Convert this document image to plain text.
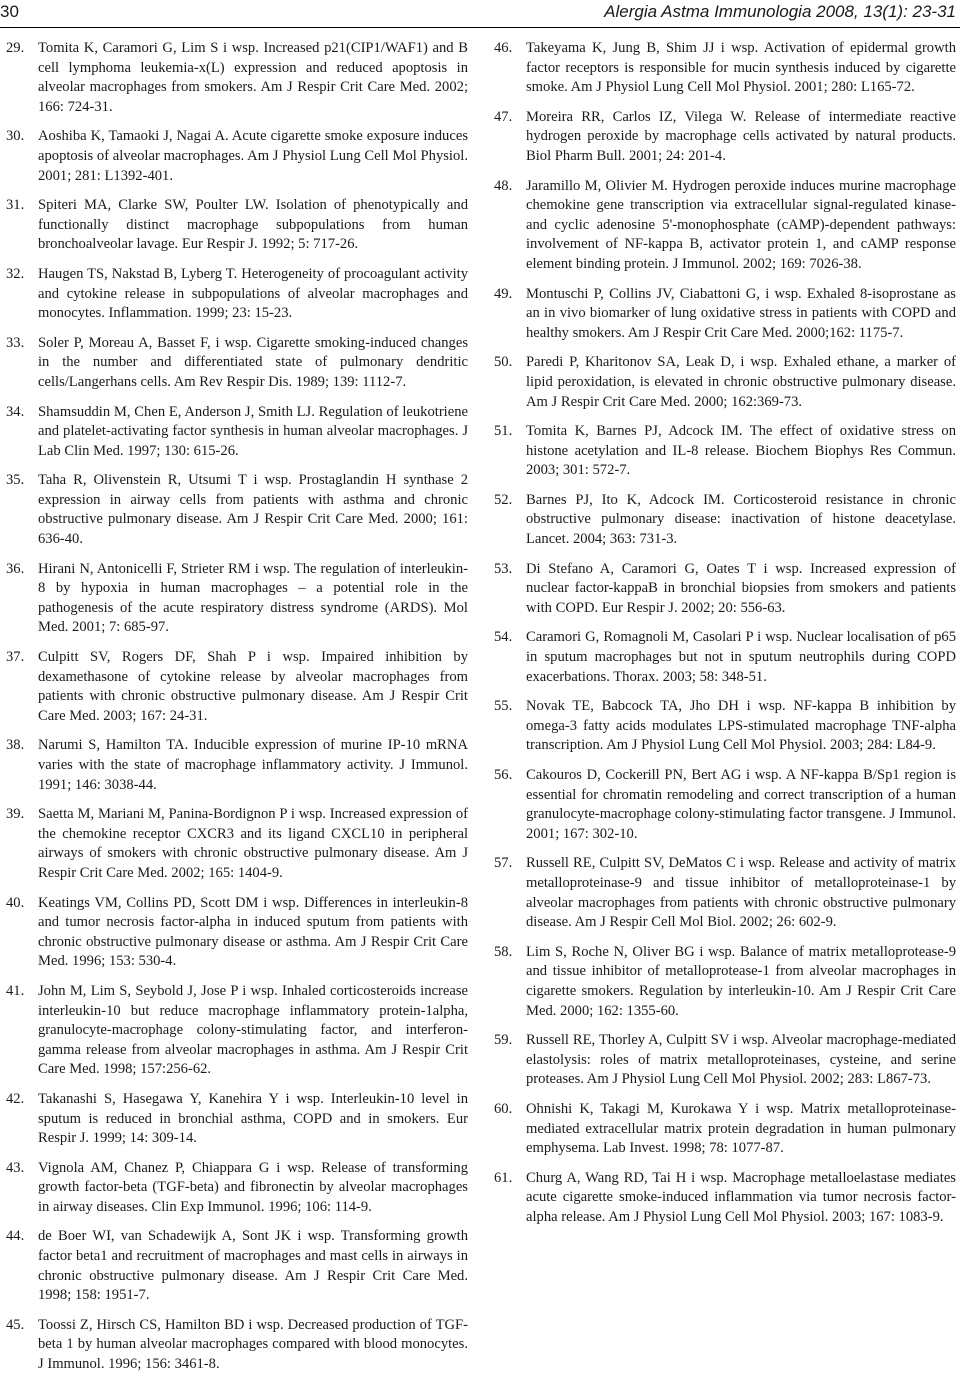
30	Alergia Astma Immunologia 2008, 13(1): 23-31
29. Tomita K, Caramori G, Lim S i wsp. Increased p21(CIP1/WAF1) and B cell lymphoma leukemia-x(L) expression and reduced apoptosis in alveolar macrophages from smokers. Am J Respir Crit Care Med. 2002; 166: 724-31.
30. Aoshiba K, Tamaoki J, Nagai A. Acute cigarette smoke exposure induces apoptosis of alveolar macrophages. Am J Physiol Lung Cell Mol Physiol. 2001; 281: L1392-401.
31. Spiteri MA, Clarke SW, Poulter LW. Isolation of phenotypically and functionally distinct macrophage subpopulations from human bronchoalveolar lavage. Eur Respir J. 1992; 5: 717-26.
32. Haugen TS, Nakstad B, Lyberg T. Heterogeneity of procoagulant activity and cytokine release in subpopulations of alveolar macrophages and monocytes. Inflammation. 1999; 23: 15-23.
33. Soler P, Moreau A, Basset F, i wsp. Cigarette smoking-induced changes in the number and differentiated state of pulmonary dendritic cells/Langerhans cells. Am Rev Respir Dis. 1989; 139: 1112-7.
34. Shamsuddin M, Chen E, Anderson J, Smith LJ. Regulation of leukotriene and platelet-activating factor synthesis in human alveolar macrophages. J Lab Clin Med. 1997; 130: 615-26.
35. Taha R, Olivenstein R, Utsumi T i wsp. Prostaglandin H synthase 2 expression in airway cells from patients with asthma and chronic obstructive pulmonary disease. Am J Respir Crit Care Med. 2000; 161: 636-40.
36. Hirani N, Antonicelli F, Strieter RM i wsp. The regulation of interleukin-8 by hypoxia in human macrophages – a potential role in the pathogenesis of the acute respiratory distress syndrome (ARDS). Mol Med. 2001; 7: 685-97.
37. Culpitt SV, Rogers DF, Shah P i wsp. Impaired inhibition by dexamethasone of cytokine release by alveolar macrophages from patients with chronic obstructive pulmonary disease. Am J Respir Crit Care Med. 2003; 167: 24-31.
38. Narumi S, Hamilton TA. Inducible expression of murine IP-10 mRNA varies with the state of macrophage inflammatory activity. J Immunol. 1991; 146: 3038-44.
39. Saetta M, Mariani M, Panina-Bordignon P i wsp. Increased expression of the chemokine receptor CXCR3 and its ligand CXCL10 in peripheral airways of smokers with chronic obstructive pulmonary disease. Am J Respir Crit Care Med. 2002; 165: 1404-9.
40. Keatings VM, Collins PD, Scott DM i wsp. Differences in interleukin-8 and tumor necrosis factor-alpha in induced sputum from patients with chronic obstructive pulmonary disease or asthma. Am J Respir Crit Care Med. 1996; 153: 530-4.
41. John M, Lim S, Seybold J, Jose P i wsp. Inhaled corticosteroids increase interleukin-10 but reduce macrophage inflammatory protein-1alpha, granulocyte-macrophage colony-stimulating factor, and interferon-gamma release from alveolar macrophages in asthma. Am J Respir Crit Care Med. 1998; 157:256-62.
42. Takanashi S, Hasegawa Y, Kanehira Y i wsp. Interleukin-10 level in sputum is reduced in bronchial asthma, COPD and in smokers. Eur Respir J. 1999; 14: 309-14.
43. Vignola AM, Chanez P, Chiappara G i wsp. Release of transforming growth factor-beta (TGF-beta) and fibronectin by alveolar macrophages in airway diseases. Clin Exp Immunol. 1996; 106: 114-9.
44. de Boer WI, van Schadewijk A, Sont JK i wsp. Transforming growth factor beta1 and recruitment of macrophages and mast cells in airways in chronic obstructive pulmonary disease. Am J Respir Crit Care Med. 1998; 158: 1951-7.
45. Toossi Z, Hirsch CS, Hamilton BD i wsp. Decreased production of TGF-beta 1 by human alveolar macrophages compared with blood monocytes. J Immunol. 1996; 156: 3461-8.
46. Takeyama K, Jung B, Shim JJ i wsp. Activation of epidermal growth factor receptors is responsible for mucin synthesis induced by cigarette smoke. Am J Physiol Lung Cell Mol Physiol. 2001; 280: L165-72.
47. Moreira RR, Carlos IZ, Vilega W. Release of intermediate reactive hydrogen peroxide by macrophage cells activated by natural products. Biol Pharm Bull. 2001; 24: 201-4.
48. Jaramillo M, Olivier M. Hydrogen peroxide induces murine macrophage chemokine gene transcription via extracellular signal-regulated kinase- and cyclic adenosine 5'-monophosphate (cAMP)-dependent pathways: involvement of NF-kappa B, activator protein 1, and cAMP response element binding protein. J Immunol. 2002; 169: 7026-38.
49. Montuschi P, Collins JV, Ciabattoni G, i wsp. Exhaled 8-isoprostane as an in vivo biomarker of lung oxidative stress in patients with COPD and healthy smokers. Am J Respir Crit Care Med. 2000;162: 1175-7.
50. Paredi P, Kharitonov SA, Leak D, i wsp. Exhaled ethane, a marker of lipid peroxidation, is elevated in chronic obstructive pulmonary disease. Am J Respir Crit Care Med. 2000; 162:369-73.
51. Tomita K, Barnes PJ, Adcock IM. The effect of oxidative stress on histone acetylation and IL-8 release. Biochem Biophys Res Commun. 2003; 301: 572-7.
52. Barnes PJ, Ito K, Adcock IM. Corticosteroid resistance in chronic obstructive pulmonary disease: inactivation of histone deacetylase. Lancet. 2004; 363: 731-3.
53. Di Stefano A, Caramori G, Oates T i wsp. Increased expression of nuclear factor-kappaB in bronchial biopsies from smokers and patients with COPD. Eur Respir J. 2002; 20: 556-63.
54. Caramori G, Romagnoli M, Casolari P i wsp. Nuclear localisation of p65 in sputum macrophages but not in sputum neutrophils during COPD exacerbations. Thorax. 2003; 58: 348-51.
55. Novak TE, Babcock TA, Jho DH i wsp. NF-kappa B inhibition by omega-3 fatty acids modulates LPS-stimulated macrophage TNF-alpha transcription. Am J Physiol Lung Cell Mol Physiol. 2003; 284: L84-9.
56. Cakouros D, Cockerill PN, Bert AG i wsp. A NF-kappa B/Sp1 region is essential for chromatin remodeling and correct transcription of a human granulocyte-macrophage colony-stimulating factor transgene. J Immunol. 2001; 167: 302-10.
57. Russell RE, Culpitt SV, DeMatos C i wsp. Release and activity of matrix metalloproteinase-9 and tissue inhibitor of metalloproteinase-1 by alveolar macrophages from patients with chronic obstructive pulmonary disease. Am J Respir Cell Mol Biol. 2002; 26: 602-9.
58. Lim S, Roche N, Oliver BG i wsp. Balance of matrix metalloprotease-9 and tissue inhibitor of metalloprotease-1 from alveolar macrophages in cigarette smokers. Regulation by interleukin-10. Am J Respir Crit Care Med. 2000; 162: 1355-60.
59. Russell RE, Thorley A, Culpitt SV i wsp. Alveolar macrophage-mediated elastolysis: roles of matrix metalloproteinases, cysteine, and serine proteases. Am J Physiol Lung Cell Mol Physiol. 2002; 283: L867-73.
60. Ohnishi K, Takagi M, Kurokawa Y i wsp. Matrix metalloproteinase-mediated extracellular matrix protein degradation in human pulmonary emphysema. Lab Invest. 1998; 78: 1077-87.
61. Churg A, Wang RD, Tai H i wsp. Macrophage metalloelastase mediates acute cigarette smoke-induced inflammation via tumor necrosis factor-alpha release. Am J Physiol Lung Cell Mol Physiol. 2003; 167: 1083-9.
